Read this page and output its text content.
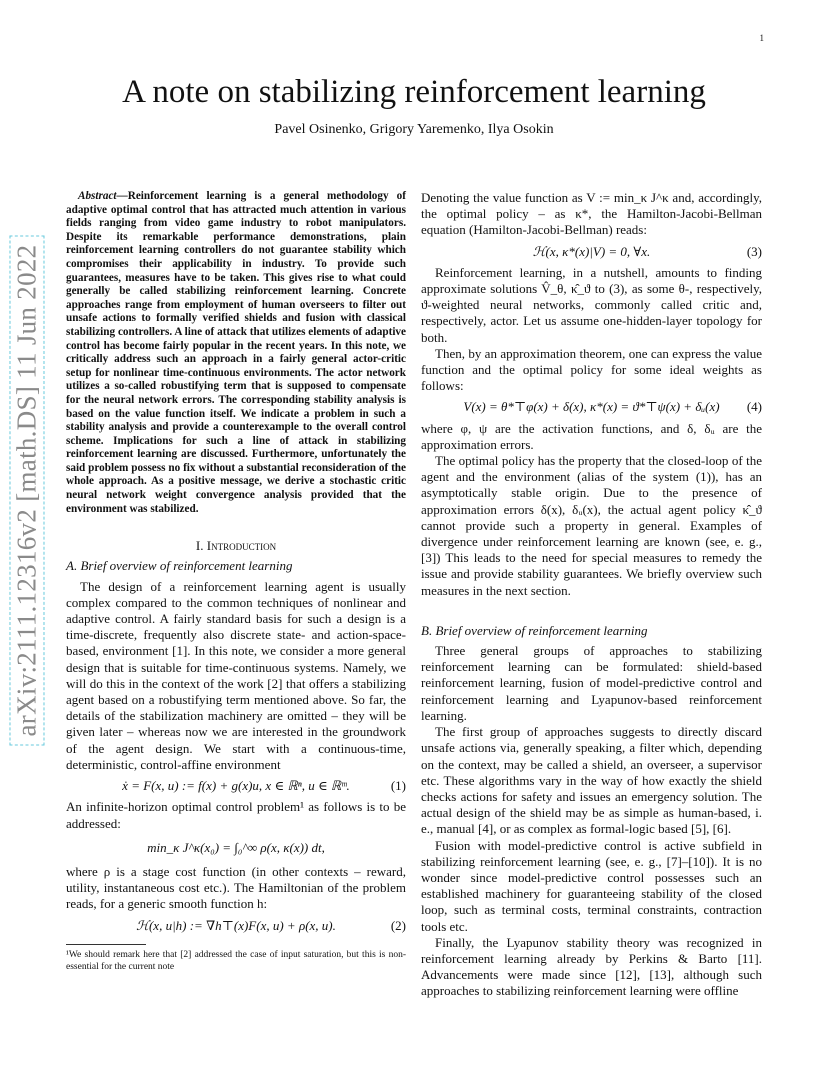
1
arXiv:2111.12316v2 [math.DS] 11 Jun 2022
A note on stabilizing reinforcement learning
Pavel Osinenko, Grigory Yaremenko, Ilya Osokin

Abstract—Reinforcement learning is a general methodology of adaptive optimal control that has attracted much attention in various fields ranging from video game industry to robot manipulators. Despite its remarkable performance demonstrations, plain reinforcement learning controllers do not guarantee stability which compromises their applicability in industry. To provide such guarantees, measures have to be taken. This gives rise to what could generally be called stabilizing reinforcement learning. Concrete approaches range from employment of human overseers to filter out unsafe actions to formally verified shields and fusion with classical stabilizing controllers. A line of attack that utilizes elements of adaptive control has become fairly popular in the recent years. In this note, we critically address such an approach in a fairly general actor-critic setup for nonlinear time-continuous environments. The actor network utilizes a so-called robustifying term that is supposed to compensate for the neural network errors. The corresponding stability analysis is based on the value function itself. We indicate a problem in such a stability analysis and provide a counterexample to the overall control scheme. Implications for such a line of attack in stabilizing reinforcement learning are discussed. Furthermore, unfortunately the said problem possess no fix without a substantial reconsideration of the whole approach. As a positive message, we derive a stochastic critic neural network weight convergence analysis provided that the environment was stabilized.

I. Introduction
A. Brief overview of reinforcement learning

The design of a reinforcement learning agent is usually complex compared to the common techniques of nonlinear and adaptive control. A fairly standard basis for such a design is a time-discrete, frequently also discrete state- and action-space-based, environment [1]. In this note, we consider a more general design that is suitable for time-continuous systems. Namely, we will do this in the context of the work [2] that offers a stabilizing agent based on a robustifying term mentioned above. So far, the details of the stabilization machinery are omitted – they will be given later – whereas now we are interested in the groundwork of the agent design. We start with a continuous-time, deterministic, control-affine environment

ẋ = F(x, u) := f(x) + g(x)u, x ∈ ℝⁿ, u ∈ ℝᵐ.	(1)

An infinite-horizon optimal control problem¹ as follows is to be addressed:

min_κ J^κ(x₀) = ∫₀^∞ ρ(x, κ(x)) dt,

where ρ is a stage cost function (in other contexts – reward, utility, instantaneous cost etc.). The Hamiltonian of the problem reads, for a generic smooth function h:

ℋ(x, u|h) := ∇h⊤(x)F(x, u) + ρ(x, u).	(2)
¹We should remark here that [2] addressed the case of input saturation, but this is non-essential for the current note

Denoting the value function as V := min_κ J^κ and, accordingly, the optimal policy – as κ*, the Hamilton-Jacobi-Bellman equation (Hamilton-Jacobi-Bellman) reads:

ℋ(x, κ*(x)|V) = 0, ∀x.	(3)

Reinforcement learning, in a nutshell, amounts to finding approximate solutions V̂_θ, κ̂_ϑ to (3), as some θ-, respectively, ϑ-weighted neural networks, commonly called critic and, respectively, actor. Let us assume one-hidden-layer topology for both.

Then, by an approximation theorem, one can express the value function and the optimal policy for some ideal weights as follows:

V(x) = θ*⊤φ(x) + δ(x), κ*(x) = ϑ*⊤ψ(x) + δᵤ(x) (4)

where φ, ψ are the activation functions, and δ, δᵤ are the approximation errors.

The optimal policy has the property that the closed-loop of the agent and the environment (alias of the system (1)), has an asymptotically stable origin. Due to the presence of approximation errors δ(x), δᵤ(x), the actual agent policy κ̂_ϑ cannot provide such a property in general. Examples of divergence under reinforcement learning are known (see, e. g., [3]) This leads to the need for special measures to remedy the issue and provide stability guarantees. We briefly overview such measures in the next section.

B. Brief overview of reinforcement learning

Three general groups of approaches to stabilizing reinforcement learning can be formulated: shield-based reinforcement learning, fusion of model-predictive control and reinforcement learning and Lyapunov-based reinforcement learning.

The first group of approaches suggests to directly discard unsafe actions via, generally speaking, a filter which, depending on the context, may be called a shield, an overseer, a supervisor etc. These algorithms vary in the way of how exactly the shield checks actions for safety and issues an emergency solution. The actual design of the shield may be as simple as human-based, i. e., manual [4], or as complex as formal-logic based [5], [6].

Fusion with model-predictive control is active subfield in stabilizing reinforcement learning (see, e. g., [7]–[10]). It is no wonder since model-predictive control possesses such an established machinery for guaranteeing stability of the closed loop, such as terminal costs, terminal constraints, contraction tools etc.

Finally, the Lyapunov stability theory was recognized in reinforcement learning already by Perkins & Barto [11]. Advancements were made since [12], [13], although such approaches to stabilizing reinforcement learning were offline
